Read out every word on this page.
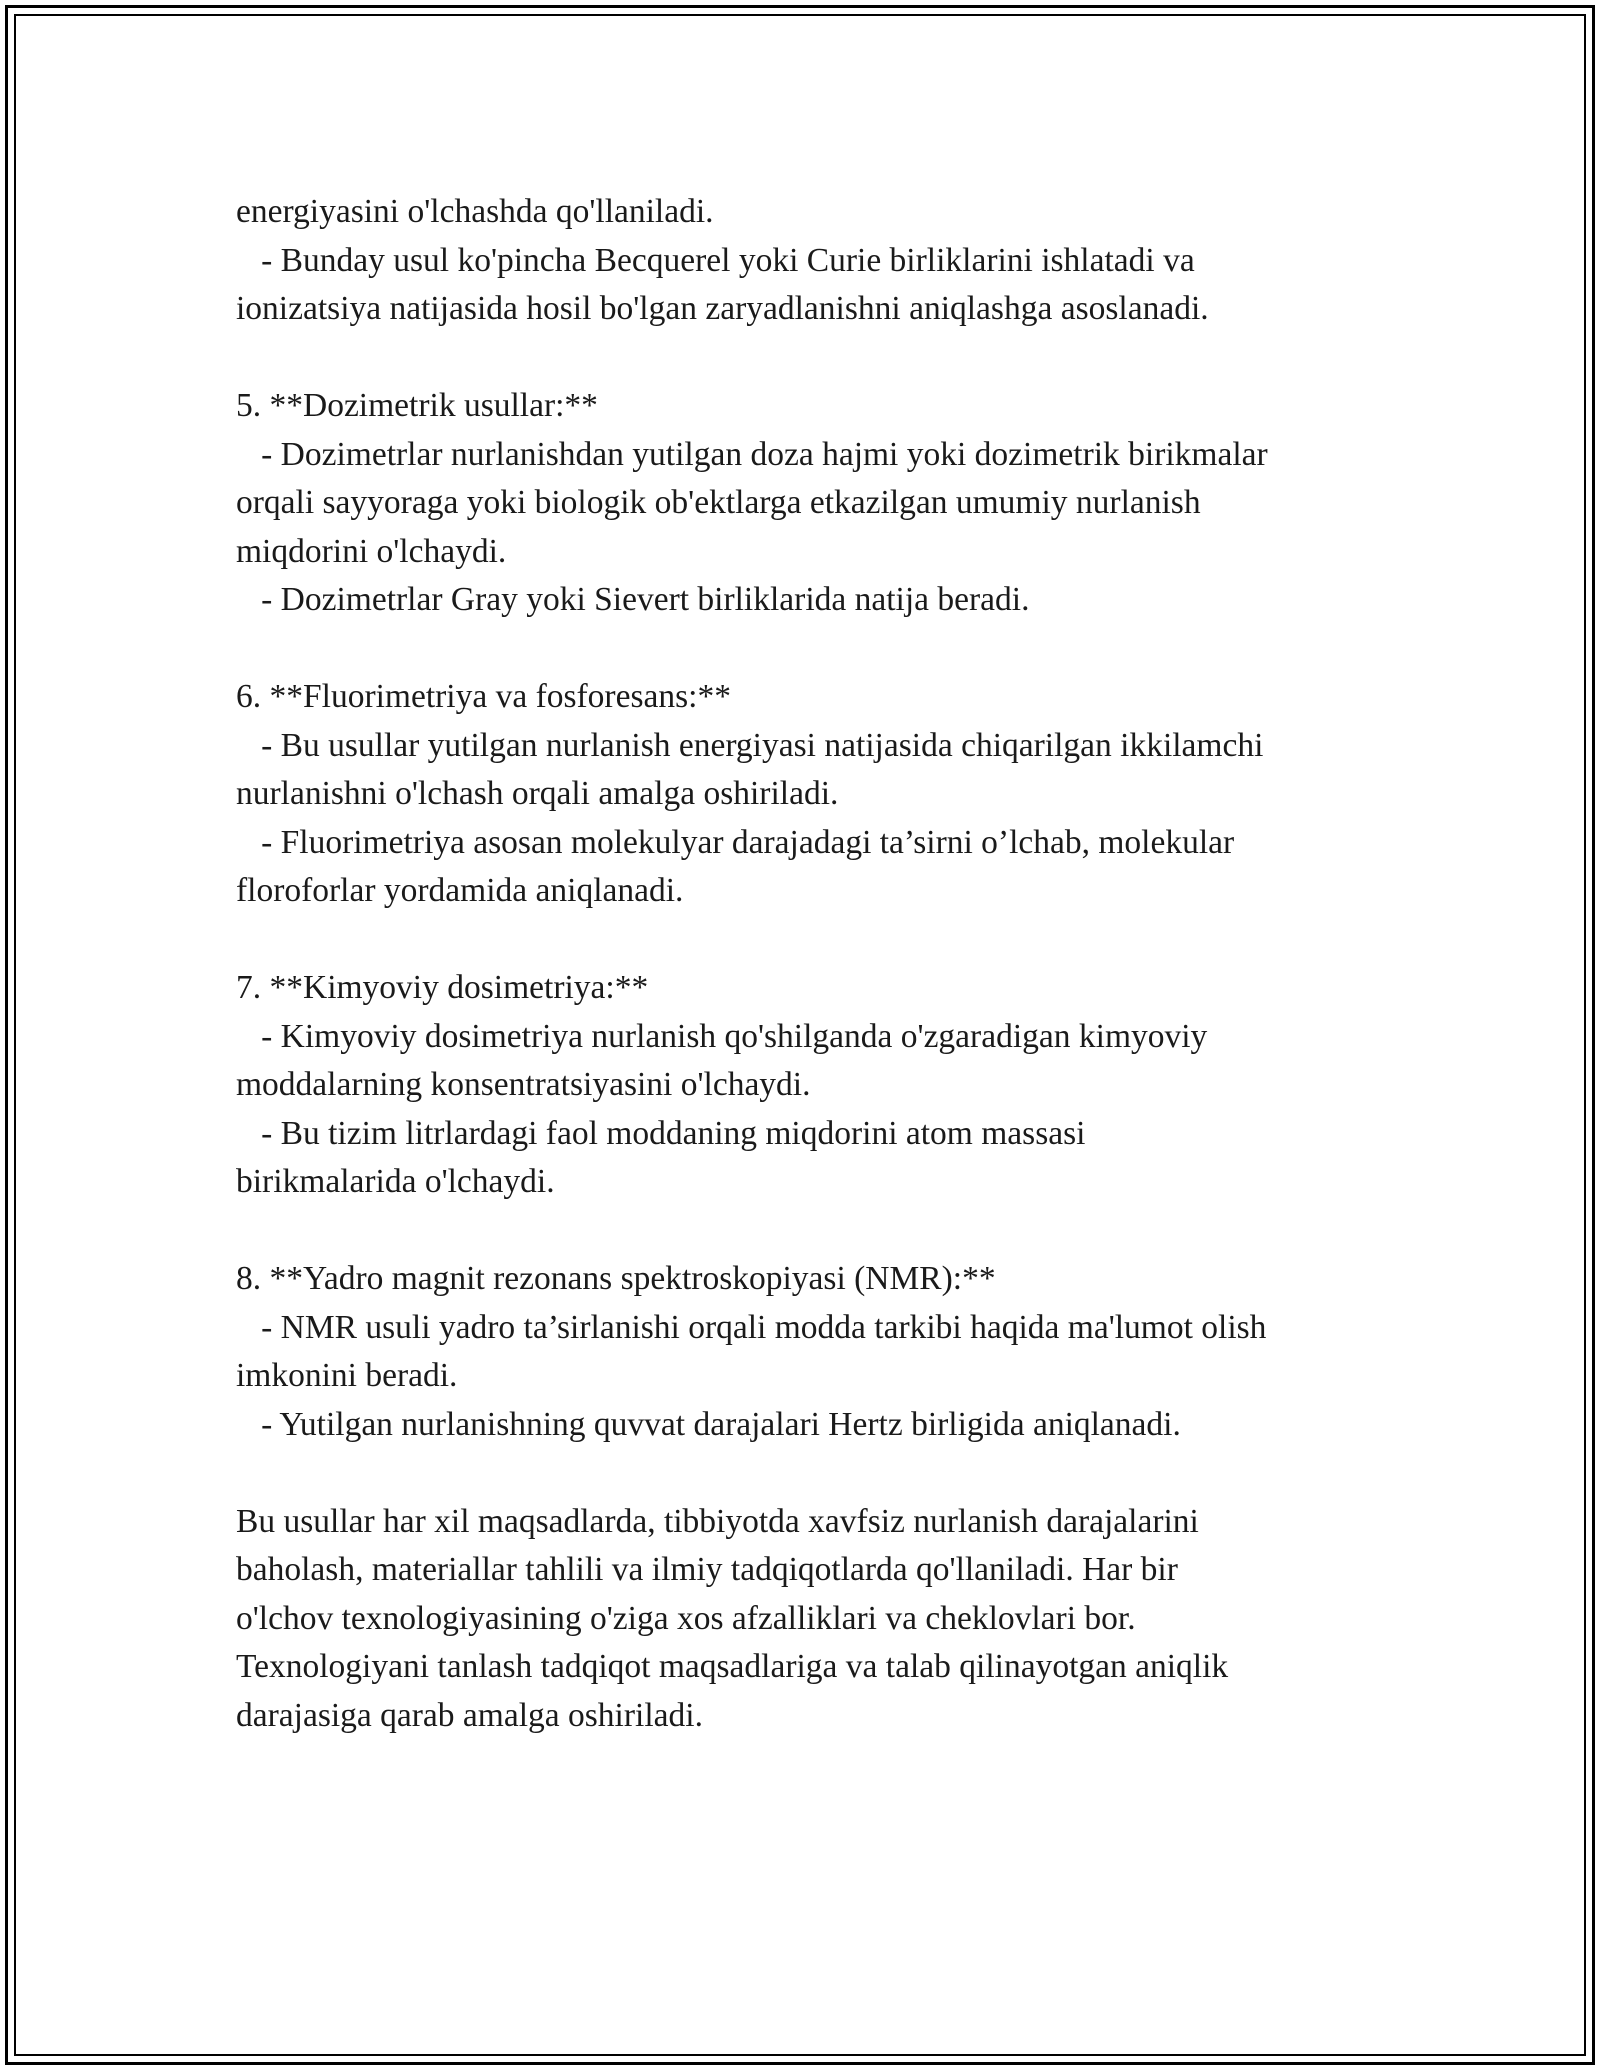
energiyasini o'lchashda qo'llaniladi.
- Bunday usul ko'pincha Becquerel yoki Curie birliklarini ishlatadi va
ionizatsiya natijasida hosil bo'lgan zaryadlanishni aniqlashga asoslanadi.
5. **Dozimetrik usullar:**
- Dozimetrlar nurlanishdan yutilgan doza hajmi yoki dozimetrik birikmalar
orqali sayyoraga yoki biologik ob'ektlarga etkazilgan umumiy nurlanish
miqdorini o'lchaydi.
- Dozimetrlar Gray yoki Sievert birliklarida natija beradi.
6. **Fluorimetriya va fosforesans:**
- Bu usullar yutilgan nurlanish energiyasi natijasida chiqarilgan ikkilamchi
nurlanishni o'lchash orqali amalga oshiriladi.
- Fluorimetriya asosan molekulyar darajadagi ta’sirni o’lchab, molekular
floroforlar yordamida aniqlanadi.
7. **Kimyoviy dosimetriya:**
- Kimyoviy dosimetriya nurlanish qo'shilganda o'zgaradigan kimyoviy
moddalarning konsentratsiyasini o'lchaydi.
- Bu tizim litrlardagi faol moddaning miqdorini atom massasi
birikmalarida o'lchaydi.
8. **Yadro magnit rezonans spektroskopiyasi (NMR):**
- NMR usuli yadro ta’sirlanishi orqali modda tarkibi haqida ma'lumot olish
imkonini beradi.
- Yutilgan nurlanishning quvvat darajalari Hertz birligida aniqlanadi.
Bu usullar har xil maqsadlarda, tibbiyotda xavfsiz nurlanish darajalarini
baholash, materiallar tahlili va ilmiy tadqiqotlarda qo'llaniladi. Har bir
o'lchov texnologiyasining o'ziga xos afzalliklari va cheklovlari bor.
Texnologiyani tanlash tadqiqot maqsadlariga va talab qilinayotgan aniqlik
darajasiga qarab amalga oshiriladi.
